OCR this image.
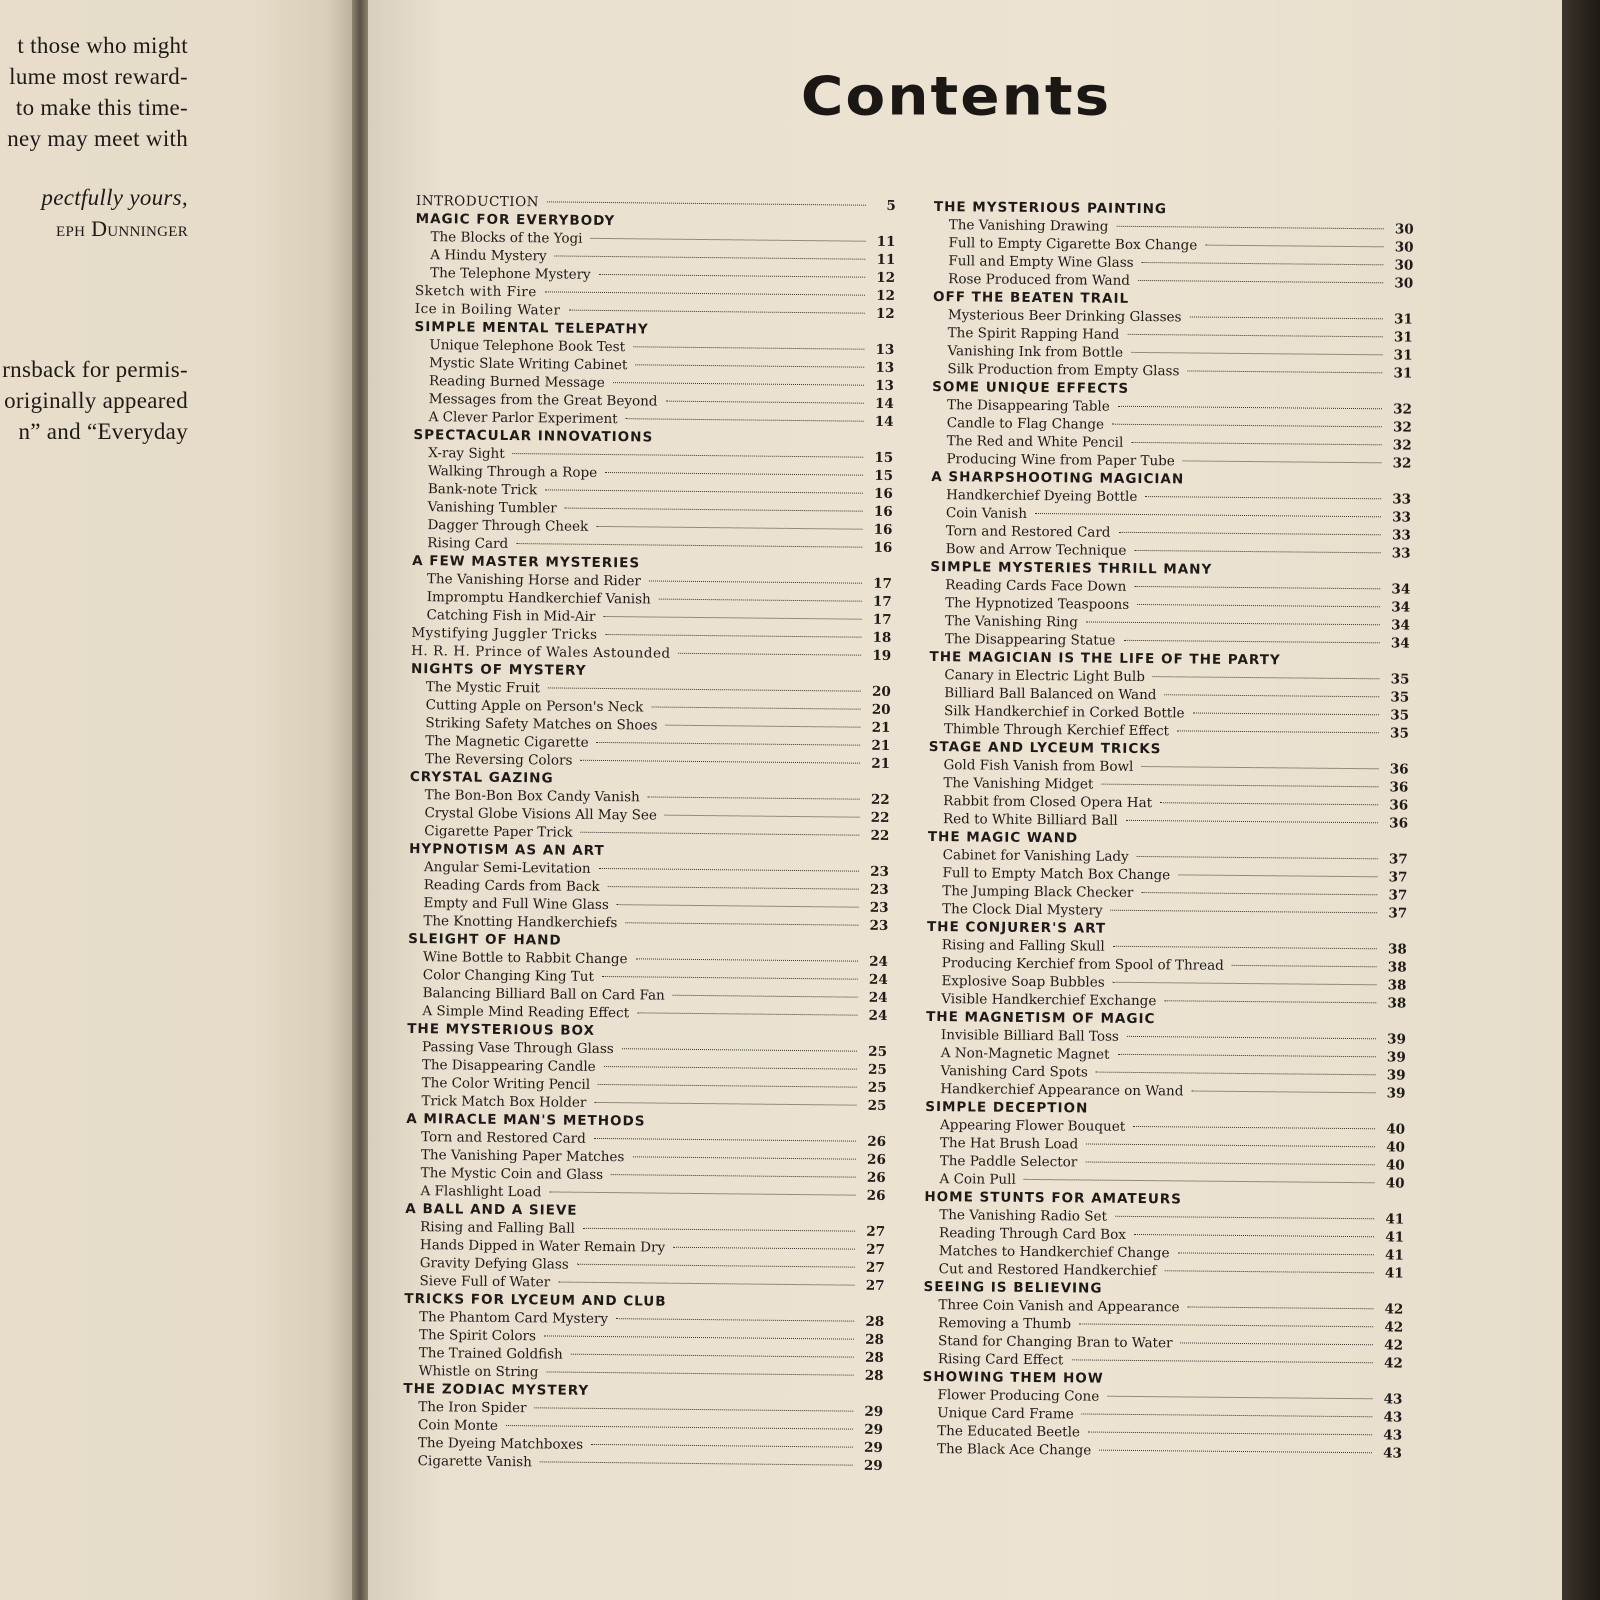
t those who might
lume most reward-
to make this time-
ney may meet with
pectfully yours,
eph Dunninger
rnsback for permis-
originally appeared
n” and “Everyday
Contents
INTRODUCTION	5
MAGIC FOR EVERYBODY
The Blocks of the Yogi	11
A Hindu Mystery	11
The Telephone Mystery	12
Sketch with Fire	12
Ice in Boiling Water	12
SIMPLE MENTAL TELEPATHY
Unique Telephone Book Test	13
Mystic Slate Writing Cabinet	13
Reading Burned Message	13
Messages from the Great Beyond	14
A Clever Parlor Experiment	14
SPECTACULAR INNOVATIONS
X-ray Sight	15
Walking Through a Rope	15
Bank-note Trick	16
Vanishing Tumbler	16
Dagger Through Cheek	16
Rising Card	16
A FEW MASTER MYSTERIES
The Vanishing Horse and Rider	17
Impromptu Handkerchief Vanish	17
Catching Fish in Mid-Air	17
Mystifying Juggler Tricks	18
H. R. H. Prince of Wales Astounded	19
NIGHTS OF MYSTERY
The Mystic Fruit	20
Cutting Apple on Person's Neck	20
Striking Safety Matches on Shoes	21
The Magnetic Cigarette	21
The Reversing Colors	21
CRYSTAL GAZING
The Bon-Bon Box Candy Vanish	22
Crystal Globe Visions All May See	22
Cigarette Paper Trick	22
HYPNOTISM AS AN ART
Angular Semi-Levitation	23
Reading Cards from Back	23
Empty and Full Wine Glass	23
The Knotting Handkerchiefs	23
SLEIGHT OF HAND
Wine Bottle to Rabbit Change	24
Color Changing King Tut	24
Balancing Billiard Ball on Card Fan	24
A Simple Mind Reading Effect	24
THE MYSTERIOUS BOX
Passing Vase Through Glass	25
The Disappearing Candle	25
The Color Writing Pencil	25
Trick Match Box Holder	25
A MIRACLE MAN'S METHODS
Torn and Restored Card	26
The Vanishing Paper Matches	26
The Mystic Coin and Glass	26
A Flashlight Load	26
A BALL AND A SIEVE
Rising and Falling Ball	27
Hands Dipped in Water Remain Dry	27
Gravity Defying Glass	27
Sieve Full of Water	27
TRICKS FOR LYCEUM AND CLUB
The Phantom Card Mystery	28
The Spirit Colors	28
The Trained Goldfish	28
Whistle on String	28
THE ZODIAC MYSTERY
The Iron Spider	29
Coin Monte	29
The Dyeing Matchboxes	29
Cigarette Vanish	29
THE MYSTERIOUS PAINTING
The Vanishing Drawing	30
Full to Empty Cigarette Box Change	30
Full and Empty Wine Glass	30
Rose Produced from Wand	30
OFF THE BEATEN TRAIL
Mysterious Beer Drinking Glasses	31
The Spirit Rapping Hand	31
Vanishing Ink from Bottle	31
Silk Production from Empty Glass	31
SOME UNIQUE EFFECTS
The Disappearing Table	32
Candle to Flag Change	32
The Red and White Pencil	32
Producing Wine from Paper Tube	32
A SHARPSHOOTING MAGICIAN
Handkerchief Dyeing Bottle	33
Coin Vanish	33
Torn and Restored Card	33
Bow and Arrow Technique	33
SIMPLE MYSTERIES THRILL MANY
Reading Cards Face Down	34
The Hypnotized Teaspoons	34
The Vanishing Ring	34
The Disappearing Statue	34
THE MAGICIAN IS THE LIFE OF THE PARTY
Canary in Electric Light Bulb	35
Billiard Ball Balanced on Wand	35
Silk Handkerchief in Corked Bottle	35
Thimble Through Kerchief Effect	35
STAGE AND LYCEUM TRICKS
Gold Fish Vanish from Bowl	36
The Vanishing Midget	36
Rabbit from Closed Opera Hat	36
Red to White Billiard Ball	36
THE MAGIC WAND
Cabinet for Vanishing Lady	37
Full to Empty Match Box Change	37
The Jumping Black Checker	37
The Clock Dial Mystery	37
THE CONJURER'S ART
Rising and Falling Skull	38
Producing Kerchief from Spool of Thread	38
Explosive Soap Bubbles	38
Visible Handkerchief Exchange	38
THE MAGNETISM OF MAGIC
Invisible Billiard Ball Toss	39
A Non-Magnetic Magnet	39
Vanishing Card Spots	39
Handkerchief Appearance on Wand	39
SIMPLE DECEPTION
Appearing Flower Bouquet	40
The Hat Brush Load	40
The Paddle Selector	40
A Coin Pull	40
HOME STUNTS FOR AMATEURS
The Vanishing Radio Set	41
Reading Through Card Box	41
Matches to Handkerchief Change	41
Cut and Restored Handkerchief	41
SEEING IS BELIEVING
Three Coin Vanish and Appearance	42
Removing a Thumb	42
Stand for Changing Bran to Water	42
Rising Card Effect	42
SHOWING THEM HOW
Flower Producing Cone	43
Unique Card Frame	43
The Educated Beetle	43
The Black Ace Change	43
